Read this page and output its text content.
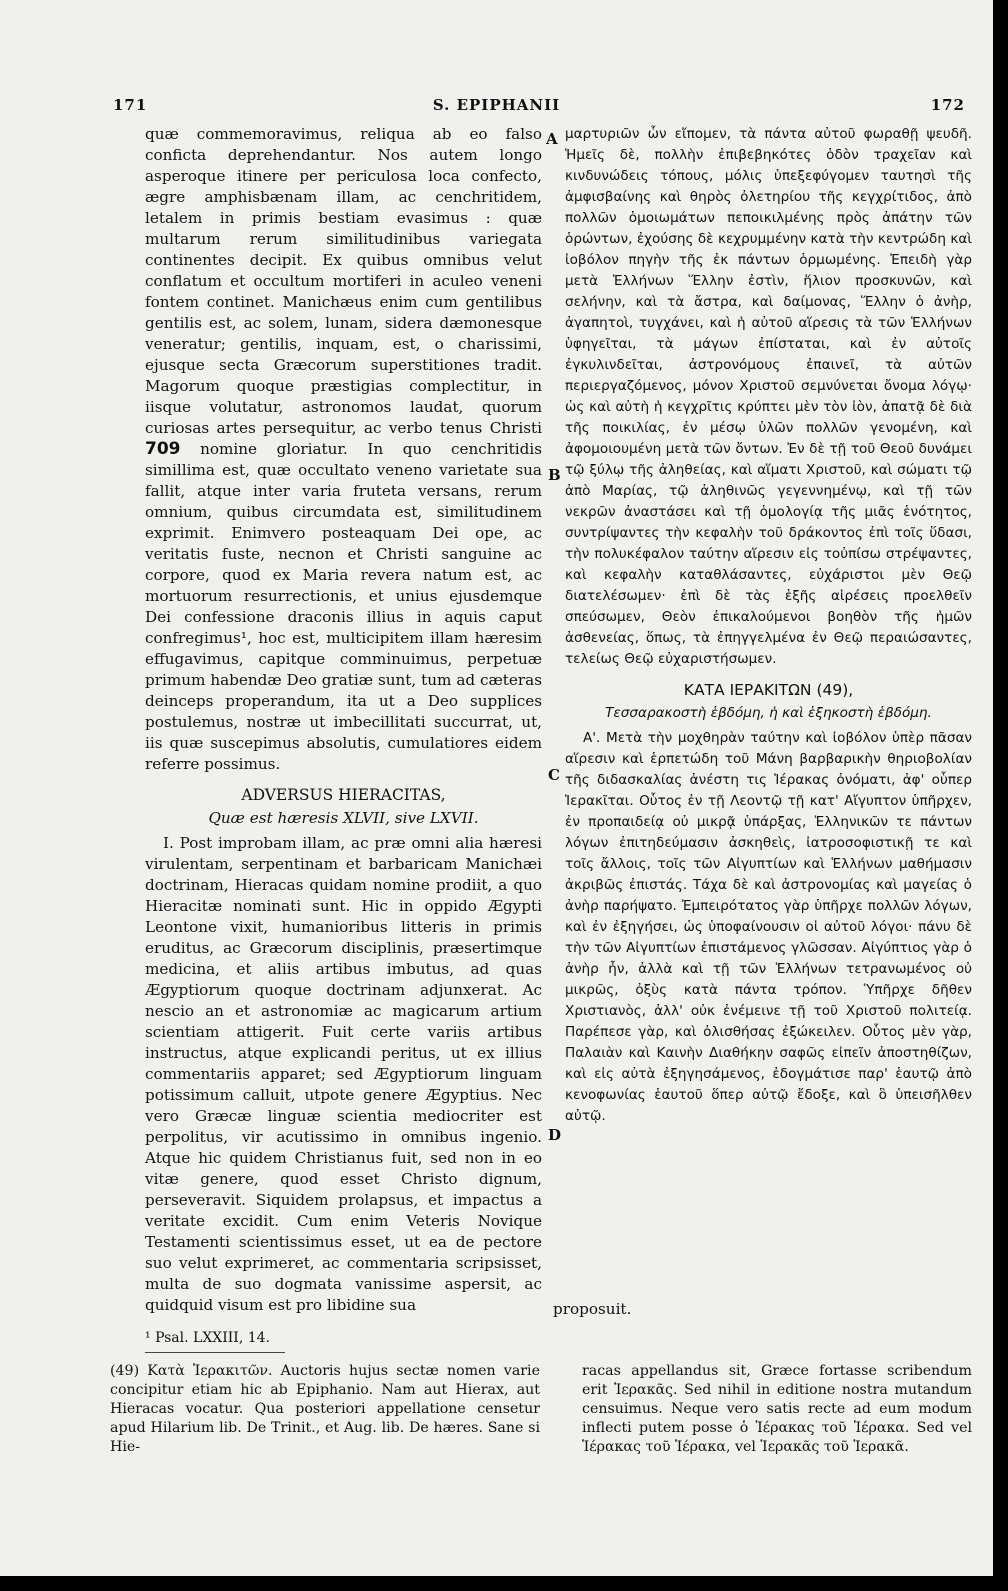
171	S. EPIPHANII	172

quæ commemoravimus, reliqua ab eo falso conficta deprehendantur. Nos autem longo asperoque itinere per periculosa loca confecto, ægre amphisbænam illam, ac cenchritidem, letalem in primis bestiam evasimus : quæ multarum rerum similitudinibus variegata continentes decipit. Ex quibus omnibus velut conflatum et occultum mortiferi in aculeo veneni fontem continet. Manichæus enim cum gentilibus gentilis est, ac solem, lunam, sidera dæmonesque veneratur; gentilis, inquam, est, o charissimi, ejusque secta Græcorum superstitiones tradit. Magorum quoque præstigias complectitur, in iisque volutatur, astronomos laudat, quorum curiosas artes persequitur, ac verbo tenus Christi 709 nomine gloriatur. In quo cenchritidis simillima est, quæ occultato veneno varietate sua fallit, atque inter varia fruteta versans, rerum omnium, quibus circumdata est, similitudinem exprimit. Enimvero posteaquam Dei ope, ac veritatis fuste, necnon et Christi sanguine ac corpore, quod ex Maria revera natum est, ac mortuorum resurrectionis, et unius ejusdemque Dei confessione draconis illius in aquis caput confregimus¹, hoc est, multicipitem illam hæresim effugavimus, capitque comminuimus, perpetuæ primum habendæ Deo gratiæ sunt, tum ad cæteras deinceps properandum, ita ut a Deo supplices postulemus, nostræ ut imbecillitati succurrat, ut, iis quæ suscepimus absolutis, cumulatiores eidem referre possimus.

ADVERSUS HIERACITAS,
Quæ est hæresis XLVII, sive LXVII.

I. Post improbam illam, ac præ omni alia hæresi virulentam, serpentinam et barbaricam Manichæi doctrinam, Hieracas quidam nomine prodiit, a quo Hieracitæ nominati sunt. Hic in oppido Ægypti Leontone vixit, humanioribus litteris in primis eruditus, ac Græcorum disciplinis, præsertimque medicina, et aliis artibus imbutus, ad quas Ægyptiorum quoque doctrinam adjunxerat. Ac nescio an et astronomiæ ac magicarum artium scientiam attigerit. Fuit certe variis artibus instructus, atque explicandi peritus, ut ex illius commentariis apparet; sed Ægyptiorum linguam potissimum calluit, utpote genere Ægyptius. Nec vero Græcæ linguæ scientia mediocriter est perpolitus, vir acutissimo in omnibus ingenio. Atque hic quidem Christianus fuit, sed non in eo vitæ genere, quod esset Christo dignum, perseveravit. Siquidem prolapsus, et impactus a veritate excidit. Cum enim Veteris Novique Testamenti scientissimus esset, ut ea de pectore suo velut exprimeret, ac commentaria scripsisset, multa de suo dogmata vanissime aspersit, ac quidquid visum est pro libidine sua

μαρτυριῶν ὧν εἴπομεν, τὰ πάντα αὐτοῦ φωραθῇ ψευδῆ. Ἡμεῖς δὲ, πολλὴν ἐπιβεβηκότες ὁδὸν τραχεῖαν καὶ κινδυνώδεις τόπους, μόλις ὑπεξεφύγομεν ταυτησὶ τῆς ἀμφισβαίνης καὶ θηρὸς ὀλετηρίου τῆς κεγχρίτιδος, ἀπὸ πολλῶν ὁμοιωμάτων πεποικιλμένης πρὸς ἀπάτην τῶν ὁρώντων, ἐχούσης δὲ κεχρυμμένην κατὰ τὴν κεντρώδη καὶ ἰοβόλον πηγὴν τῆς ἐκ πάντων ὁρμωμένης. Ἐπειδὴ γὰρ μετὰ Ἑλλήνων Ἕλλην ἐστὶν, ἥλιον προσκυνῶν, καὶ σελήνην, καὶ τὰ ἄστρα, καὶ δαίμονας, Ἕλλην ὁ ἀνὴρ, ἀγαπητοὶ, τυγχάνει, καὶ ἡ αὐτοῦ αἵρεσις τὰ τῶν Ἑλλήνων ὑφηγεῖται, τὰ μάγων ἐπίσταται, καὶ ἐν αὐτοῖς ἐγκυλινδεῖται, ἀστρονόμους ἐπαινεῖ, τὰ αὐτῶν περιεργαζόμενος, μόνον Χριστοῦ σεμνύνεται ὄνομα λόγῳ· ὡς καὶ αὐτὴ ἡ κεγχρῖτις κρύπτει μὲν τὸν ἰὸν, ἀπατᾷ δὲ διὰ τῆς ποικιλίας, ἐν μέσῳ ὑλῶν πολλῶν γενομένη, καὶ ἀφομοιουμένη μετὰ τῶν ὄντων. Ἐν δὲ τῇ τοῦ Θεοῦ δυνάμει τῷ ξύλῳ τῆς ἀληθείας, καὶ αἵματι Χριστοῦ, καὶ σώματι τῷ ἀπὸ Μαρίας, τῷ ἀληθινῶς γεγεννημένῳ, καὶ τῇ τῶν νεκρῶν ἀναστάσει καὶ τῇ ὁμολογίᾳ τῆς μιᾶς ἑνότητος, συντρίψαντες τὴν κεφαλὴν τοῦ δράκοντος ἐπὶ τοῖς ὕδασι, τὴν πολυκέφαλον ταύτην αἵρεσιν εἰς τοὐπίσω στρέψαντες, καὶ κεφαλὴν καταθλάσαντες, εὐχάριστοι μὲν Θεῷ διατελέσωμεν· ἐπὶ δὲ τὰς ἑξῆς αἱρέσεις προελθεῖν σπεύσωμεν, Θεὸν ἐπικαλούμενοι βοηθὸν τῆς ἡμῶν ἀσθενείας, ὅπως, τὰ ἐπηγγελμένα ἐν Θεῷ περαιώσαντες, τελείως Θεῷ εὐχαριστήσωμεν.

ΚΑΤΑ ΙΕΡΑΚΙΤΩΝ (49),
Τεσσαρακοστὴ ἑβδόμη, ἡ καὶ ἑξηκοστὴ ἑβδόμη.

Α'. Μετὰ τὴν μοχθηρὰν ταύτην καὶ ἰοβόλον ὑπὲρ πᾶσαν αἵρεσιν καὶ ἑρπετώδη τοῦ Μάνη βαρβαρικὴν θηριοβολίαν τῆς διδασκαλίας ἀνέστη τις Ἱέρακας ὀνόματι, ἀφ' οὗπερ Ἱερακῖται. Οὗτος ἐν τῇ Λεοντῷ τῇ κατ' Αἴγυπτον ὑπῆρχεν, ἐν προπαιδείᾳ οὐ μικρᾷ ὑπάρξας, Ἑλληνικῶν τε πάντων λόγων ἐπιτηδεύμασιν ἀσκηθεὶς, ἰατροσοφιστικῇ τε καὶ τοῖς ἄλλοις, τοῖς τῶν Αἰγυπτίων καὶ Ἑλλήνων μαθήμασιν ἀκριβῶς ἐπιστάς. Τάχα δὲ καὶ ἀστρονομίας καὶ μαγείας ὁ ἀνὴρ παρήψατο. Ἐμπειρότατος γὰρ ὑπῆρχε πολλῶν λόγων, καὶ ἐν ἐξηγήσει, ὡς ὑποφαίνουσιν οἱ αὐτοῦ λόγοι· πάνυ δὲ τὴν τῶν Αἰγυπτίων ἐπιστάμενος γλῶσσαν. Αἰγύπτιος γὰρ ὁ ἀνὴρ ἦν, ἀλλὰ καὶ τῇ τῶν Ἑλλήνων τετρανωμένος οὐ μικρῶς, ὀξὺς κατὰ πάντα τρόπον. Ὑπῆρχε δῆθεν Χριστιανὸς, ἀλλ' οὐκ ἐνέμεινε τῇ τοῦ Χριστοῦ πολιτείᾳ. Παρέπεσε γὰρ, καὶ ὀλισθήσας ἐξώκειλεν. Οὗτος μὲν γὰρ, Παλαιὰν καὶ Καινὴν Διαθήκην σαφῶς εἰπεῖν ἀποστηθίζων, καὶ εἰς αὐτὰ ἐξηγησάμενος, ἐδογμάτισε παρ' ἑαυτῷ ἀπὸ κενοφωνίας ἑαυτοῦ ὅπερ αὐτῷ ἔδοξε, καὶ ὃ ὑπεισῆλθεν αὐτῷ.

A
B
C
D
proposuit.
¹ Psal. LXXIII, 14.

(49) Κατὰ Ἱερακιτῶν. Auctoris hujus sectæ nomen varie concipitur etiam hic ab Epiphanio. Nam aut Hierax, aut Hieracas vocatur. Qua posteriori appellatione censetur apud Hilarium lib. De Trinit., et Aug. lib. De hæres. Sane si Hie-

racas appellandus sit, Græce fortasse scribendum erit Ἱερακᾶς. Sed nihil in editione nostra mutandum censuimus. Neque vero satis recte ad eum modum inflecti putem posse ὁ Ἱέρακας τοῦ Ἱέρακα. Sed vel Ἱέρακας τοῦ Ἱέρακα, vel Ἱερακᾶς τοῦ Ἱερακᾶ.
